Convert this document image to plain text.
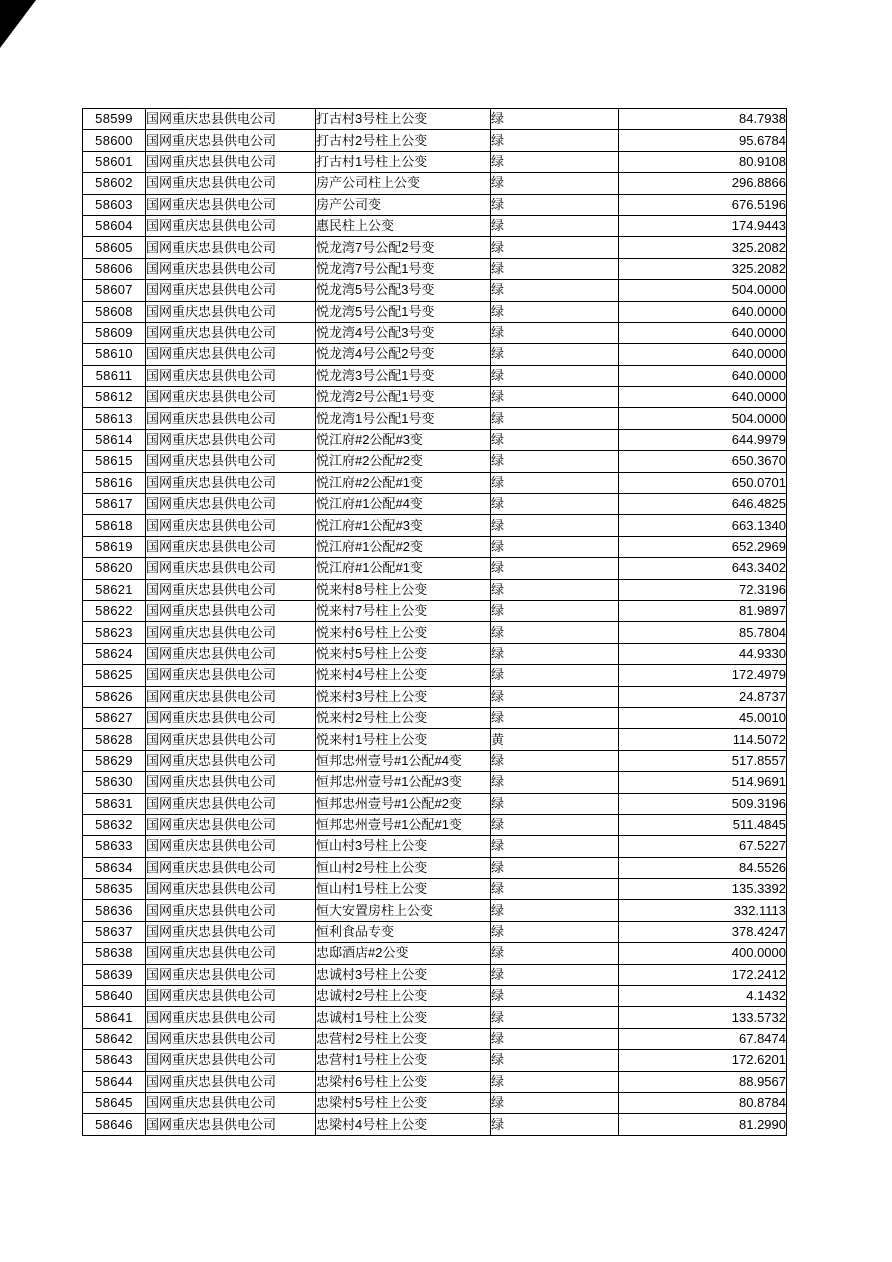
58599	国网重庆忠县供电公司	打古村3号柱上公变	绿	84.7938
58600	国网重庆忠县供电公司	打古村2号柱上公变	绿	95.6784
58601	国网重庆忠县供电公司	打古村1号柱上公变	绿	80.9108
58602	国网重庆忠县供电公司	房产公司柱上公变	绿	296.8866
58603	国网重庆忠县供电公司	房产公司变	绿	676.5196
58604	国网重庆忠县供电公司	惠民柱上公变	绿	174.9443
58605	国网重庆忠县供电公司	悦龙湾7号公配2号变	绿	325.2082
58606	国网重庆忠县供电公司	悦龙湾7号公配1号变	绿	325.2082
58607	国网重庆忠县供电公司	悦龙湾5号公配3号变	绿	504.0000
58608	国网重庆忠县供电公司	悦龙湾5号公配1号变	绿	640.0000
58609	国网重庆忠县供电公司	悦龙湾4号公配3号变	绿	640.0000
58610	国网重庆忠县供电公司	悦龙湾4号公配2号变	绿	640.0000
58611	国网重庆忠县供电公司	悦龙湾3号公配1号变	绿	640.0000
58612	国网重庆忠县供电公司	悦龙湾2号公配1号变	绿	640.0000
58613	国网重庆忠县供电公司	悦龙湾1号公配1号变	绿	504.0000
58614	国网重庆忠县供电公司	悦江府#2公配#3变	绿	644.9979
58615	国网重庆忠县供电公司	悦江府#2公配#2变	绿	650.3670
58616	国网重庆忠县供电公司	悦江府#2公配#1变	绿	650.0701
58617	国网重庆忠县供电公司	悦江府#1公配#4变	绿	646.4825
58618	国网重庆忠县供电公司	悦江府#1公配#3变	绿	663.1340
58619	国网重庆忠县供电公司	悦江府#1公配#2变	绿	652.2969
58620	国网重庆忠县供电公司	悦江府#1公配#1变	绿	643.3402
58621	国网重庆忠县供电公司	悦来村8号柱上公变	绿	72.3196
58622	国网重庆忠县供电公司	悦来村7号柱上公变	绿	81.9897
58623	国网重庆忠县供电公司	悦来村6号柱上公变	绿	85.7804
58624	国网重庆忠县供电公司	悦来村5号柱上公变	绿	44.9330
58625	国网重庆忠县供电公司	悦来村4号柱上公变	绿	172.4979
58626	国网重庆忠县供电公司	悦来村3号柱上公变	绿	24.8737
58627	国网重庆忠县供电公司	悦来村2号柱上公变	绿	45.0010
58628	国网重庆忠县供电公司	悦来村1号柱上公变	黄	114.5072
58629	国网重庆忠县供电公司	恒邦忠州壹号#1公配#4变	绿	517.8557
58630	国网重庆忠县供电公司	恒邦忠州壹号#1公配#3变	绿	514.9691
58631	国网重庆忠县供电公司	恒邦忠州壹号#1公配#2变	绿	509.3196
58632	国网重庆忠县供电公司	恒邦忠州壹号#1公配#1变	绿	511.4845
58633	国网重庆忠县供电公司	恒山村3号柱上公变	绿	67.5227
58634	国网重庆忠县供电公司	恒山村2号柱上公变	绿	84.5526
58635	国网重庆忠县供电公司	恒山村1号柱上公变	绿	135.3392
58636	国网重庆忠县供电公司	恒大安置房柱上公变	绿	332.1113
58637	国网重庆忠县供电公司	恒利食品专变	绿	378.4247
58638	国网重庆忠县供电公司	忠邸酒店#2公变	绿	400.0000
58639	国网重庆忠县供电公司	忠诚村3号柱上公变	绿	172.2412
58640	国网重庆忠县供电公司	忠诚村2号柱上公变	绿	4.1432
58641	国网重庆忠县供电公司	忠诚村1号柱上公变	绿	133.5732
58642	国网重庆忠县供电公司	忠营村2号柱上公变	绿	67.8474
58643	国网重庆忠县供电公司	忠营村1号柱上公变	绿	172.6201
58644	国网重庆忠县供电公司	忠梁村6号柱上公变	绿	88.9567
58645	国网重庆忠县供电公司	忠梁村5号柱上公变	绿	80.8784
58646	国网重庆忠县供电公司	忠梁村4号柱上公变	绿	81.2990
